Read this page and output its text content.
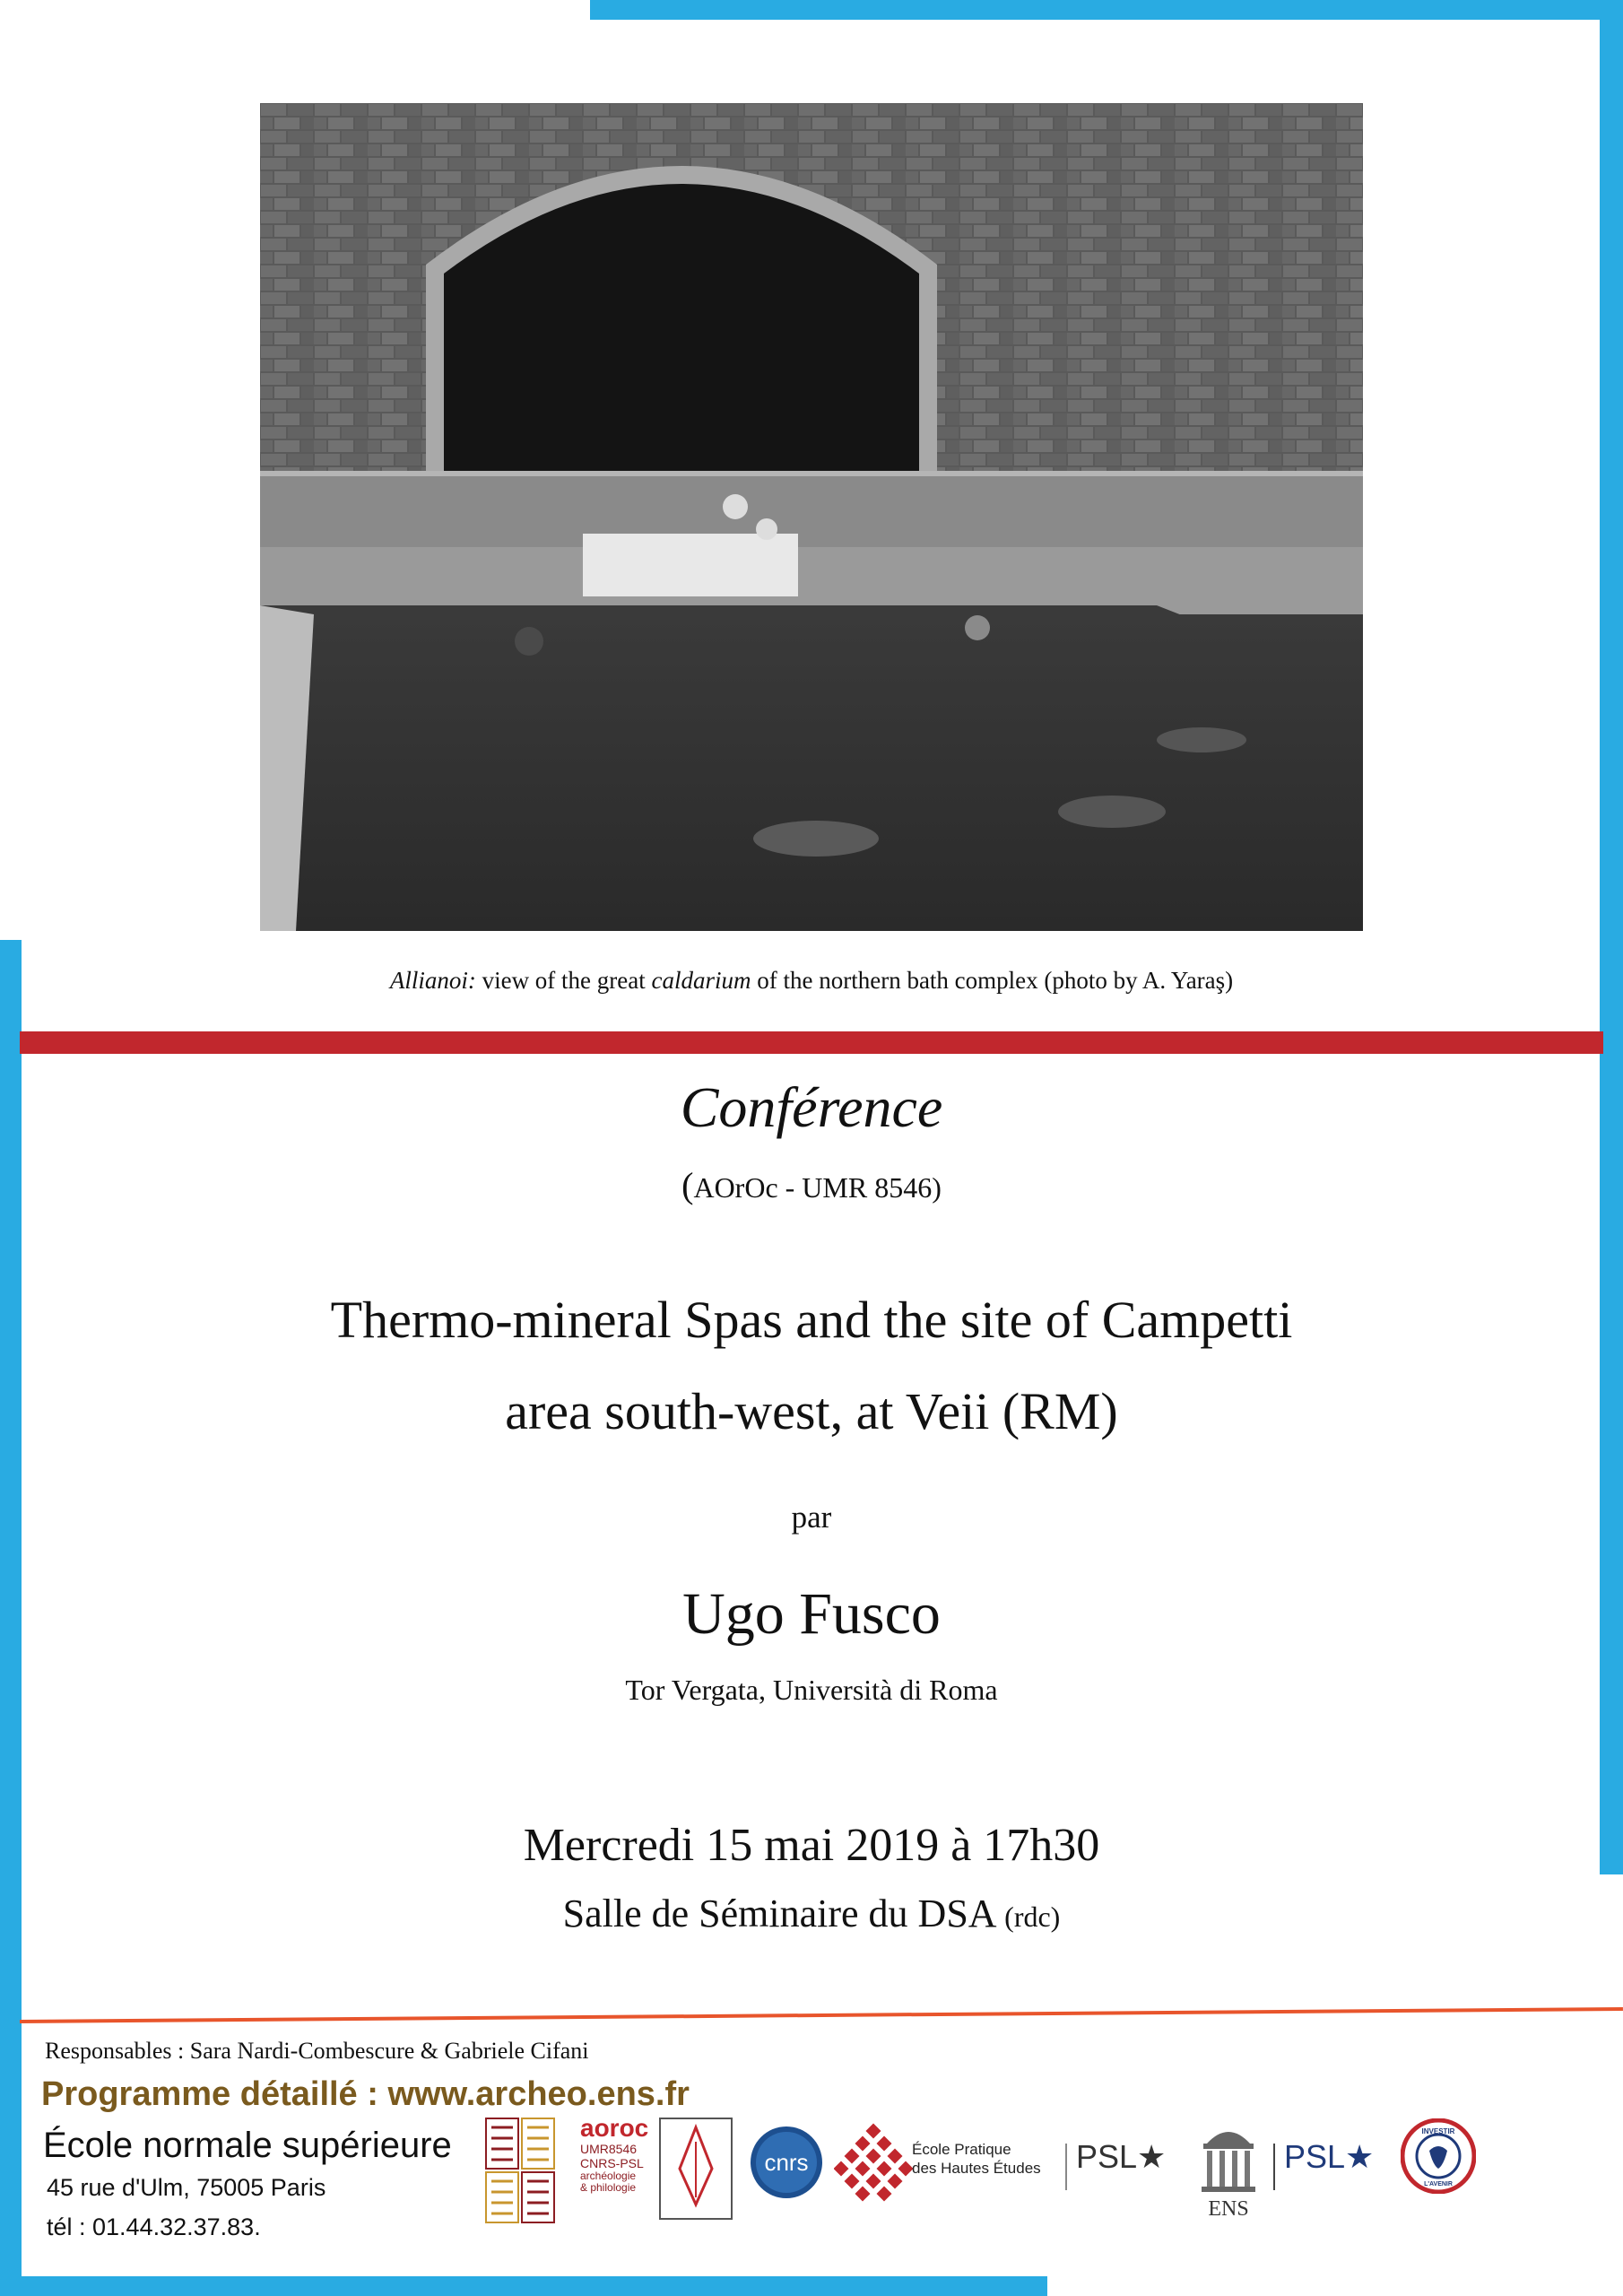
Allianoi: view of the great caldarium of the northern bath complex (photo by A. Yaraş)
Conférence
(AOrOc - UMR 8546)
Thermo-mineral Spas and the site of Campetti
area south-west, at Veii (RM)
par
Ugo Fusco
Tor Vergata, Università di Roma
Mercredi 15 mai 2019 à 17h30
Salle de Séminaire du DSA (rdc)
Responsables : Sara Nardi-Combescure & Gabriele Cifani
Programme détaillé : www.archeo.ens.fr
École normale supérieure
45 rue d'Ulm, 75005 Paris
tél : 01.44.32.37.83.
aoroc
UMR8546
CNRS-PSL
archéologie
& philologie
cnrs	École Pratique
des Hautes Études PSL★
ENS
PSL★
INVESTIR
L'AVENIR
